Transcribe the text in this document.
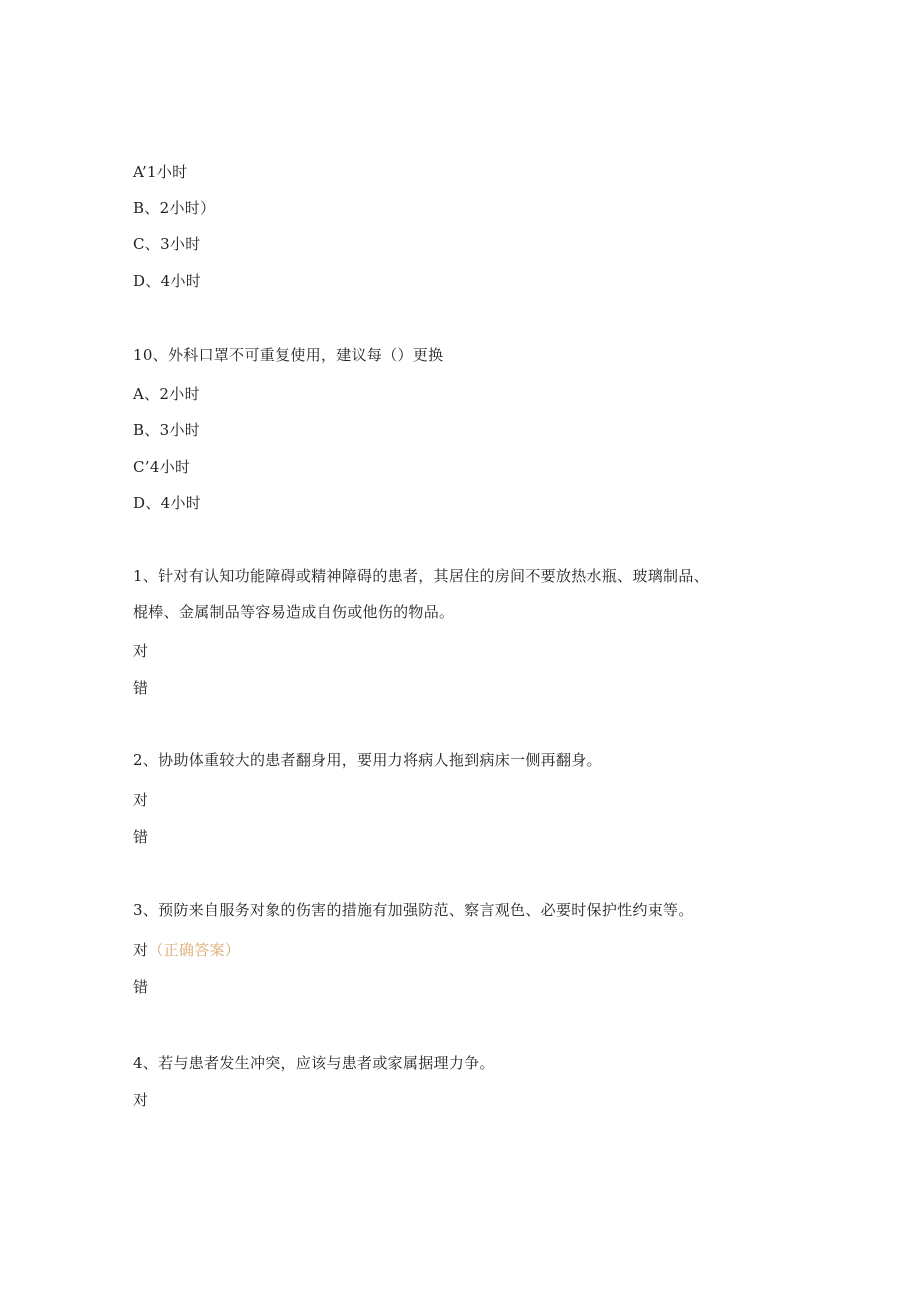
A’1小时
B、2小时）
C、3小时
D、4小时
10、外科口罩不可重复使用，建议每（）更换
A、2小时
B、3小时
C’4小时
D、4小时
1、针对有认知功能障碍或精神障碍的患者，其居住的房间不要放热水瓶、玻璃制品、
棍棒、金属制品等容易造成自伤或他伤的物品。
对
错
2、协助体重较大的患者翻身用，要用力将病人拖到病床一侧再翻身。
对
错
3、预防来自服务对象的伤害的措施有加强防范、察言观色、必要时保护性约束等。
对（正确答案）
错
4、若与患者发生冲突，应该与患者或家属据理力争。
对
